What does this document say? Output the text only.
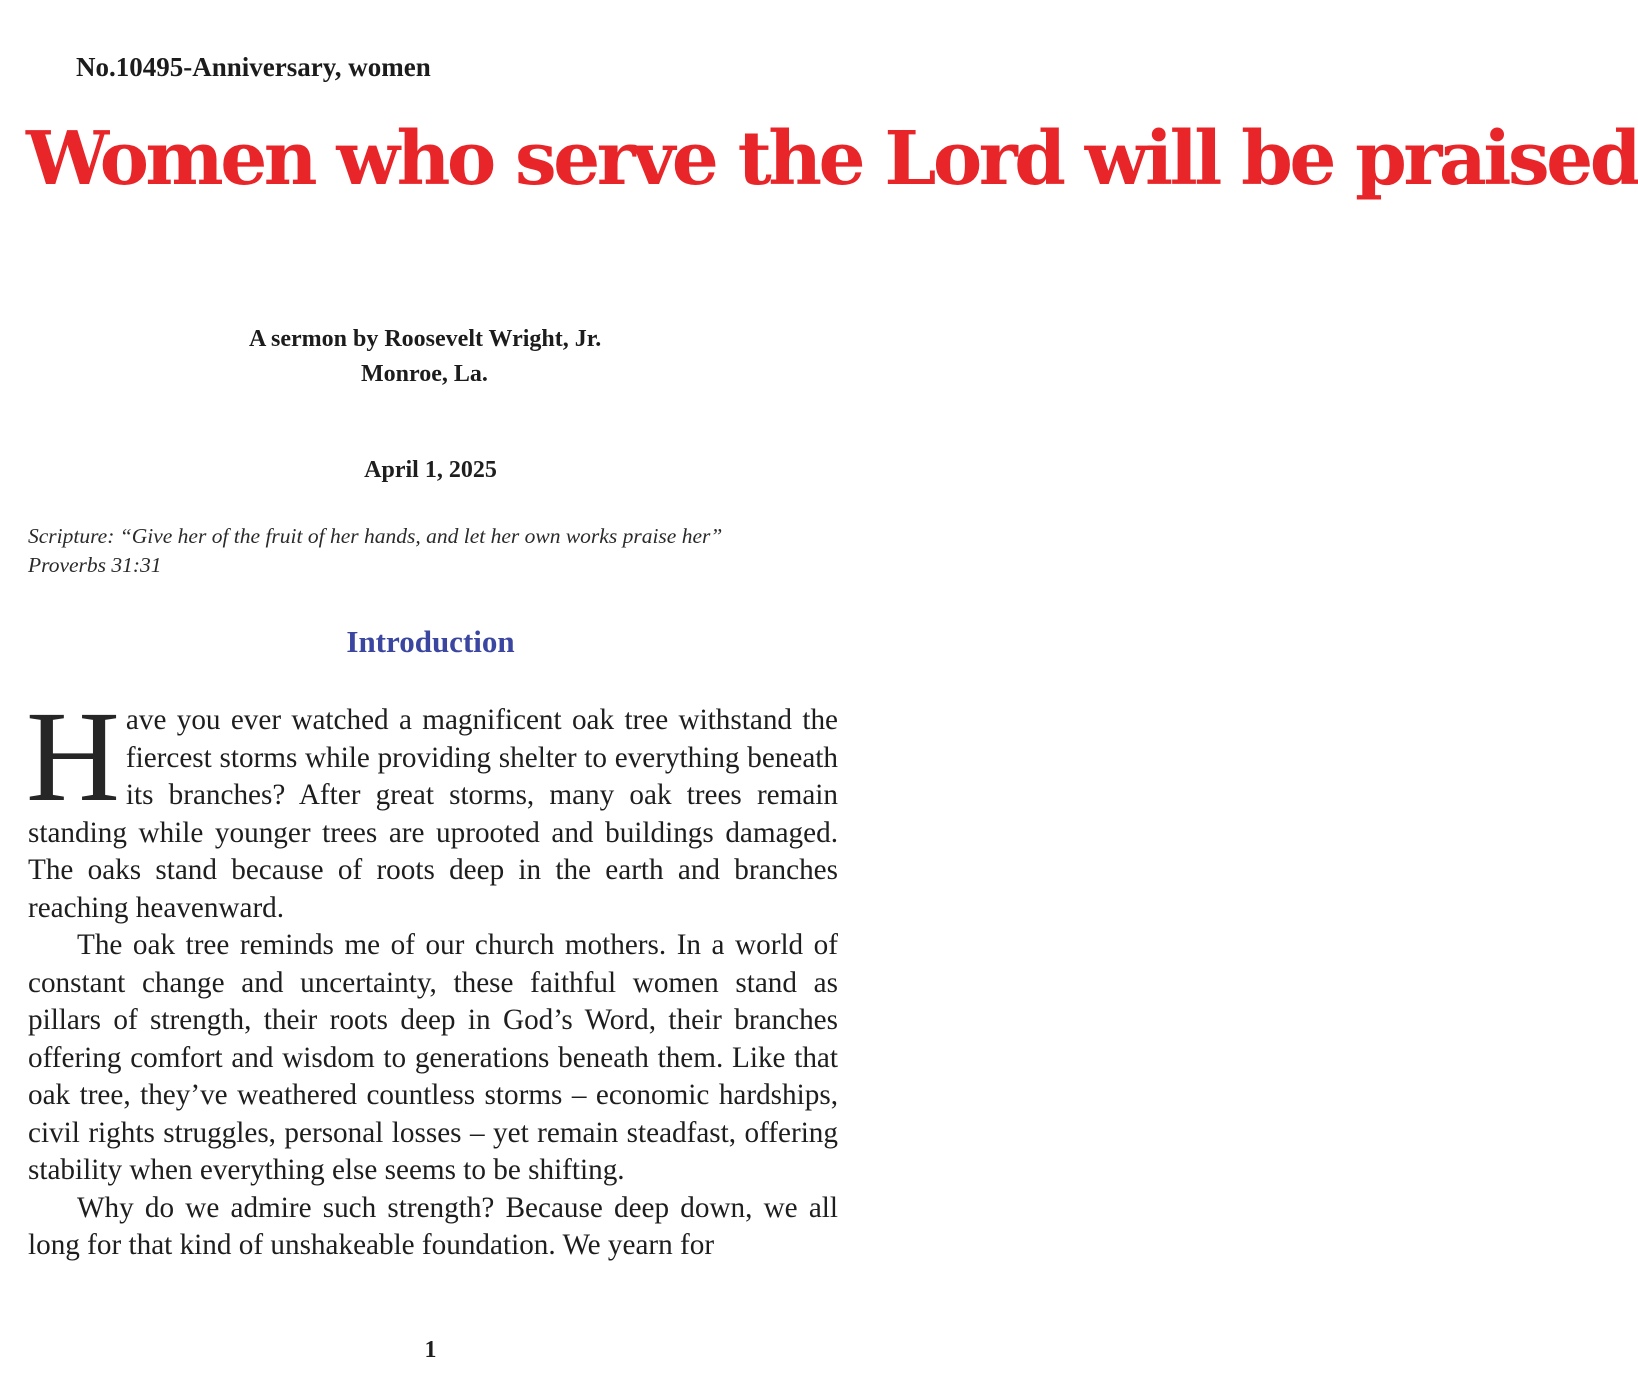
No.10495-Anniversary, women
Women who serve the Lord will be praised
A sermon by Roosevelt Wright, Jr.
Monroe, La.
April 1, 2025
Scripture: “Give her of the fruit of her hands, and let her own works praise her”
Proverbs 31:31
Introduction

Have you ever watched a magnificent oak tree withstand the fiercest storms while providing shelter to everything beneath its branches? After great storms, many oak trees remain standing while younger trees are uprooted and buildings damaged. The oaks stand because of roots deep in the earth and branches reaching heavenward.

The oak tree reminds me of our church mothers. In a world of constant change and uncertainty, these faithful women stand as pillars of strength, their roots deep in God’s Word, their branches offering comfort and wisdom to generations beneath them. Like that oak tree, they’ve weathered countless storms – economic hardships, civil rights struggles, personal losses – yet remain steadfast, offering stability when everything else seems to be shifting.

Why do we admire such strength? Because deep down, we all long for that kind of unshakeable foundation. We yearn for

1
